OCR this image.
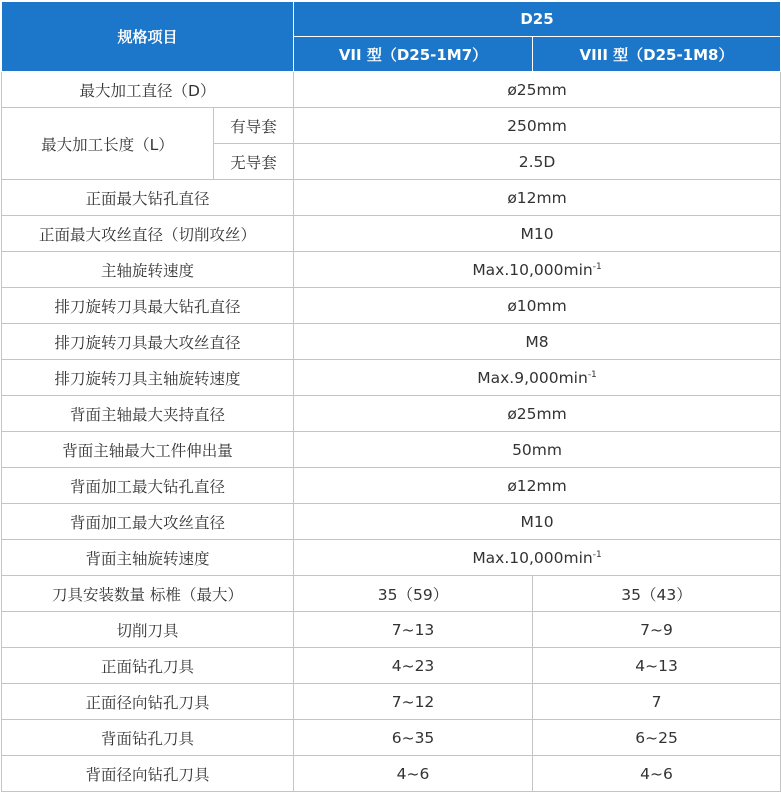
规格项目		D25	
		VII 型（D25-1M7）	VIII 型（D25-1M8）
最大加工直径（D）		ø25mm	
最大加工长度（L）	有导套	250mm	
	无导套	2.5D	
正面最大钻孔直径		ø12mm	
正面最大攻丝直径（切削攻丝）		M10	
主轴旋转速度		$Max.10,000\min^{-1}$
排刀旋转刀具最大钻孔直径		ø10mm	
排刀旋转刀具最大攻丝直径		M8	
排刀旋转刀具主轴旋转速度		$Max.9,000\min^{-1}$
背面主轴最大夹持直径		ø25mm	
背面主轴最大工件伸出量		50mm	
背面加工最大钻孔直径		ø12mm	
背面加工最大攻丝直径		M10	
背面主轴旋转速度		$Max.10,000\min^{-1}$
刀具安装数量 标椎（最大）		35（59）	35（43）
切削刀具		7~13	7~9
正面钻孔刀具		4~23	4~13
正面径向钻孔刀具		7~12	7
背面钻孔刀具		6~35	6~25
背面径向钻孔刀具		4~6	4~6
